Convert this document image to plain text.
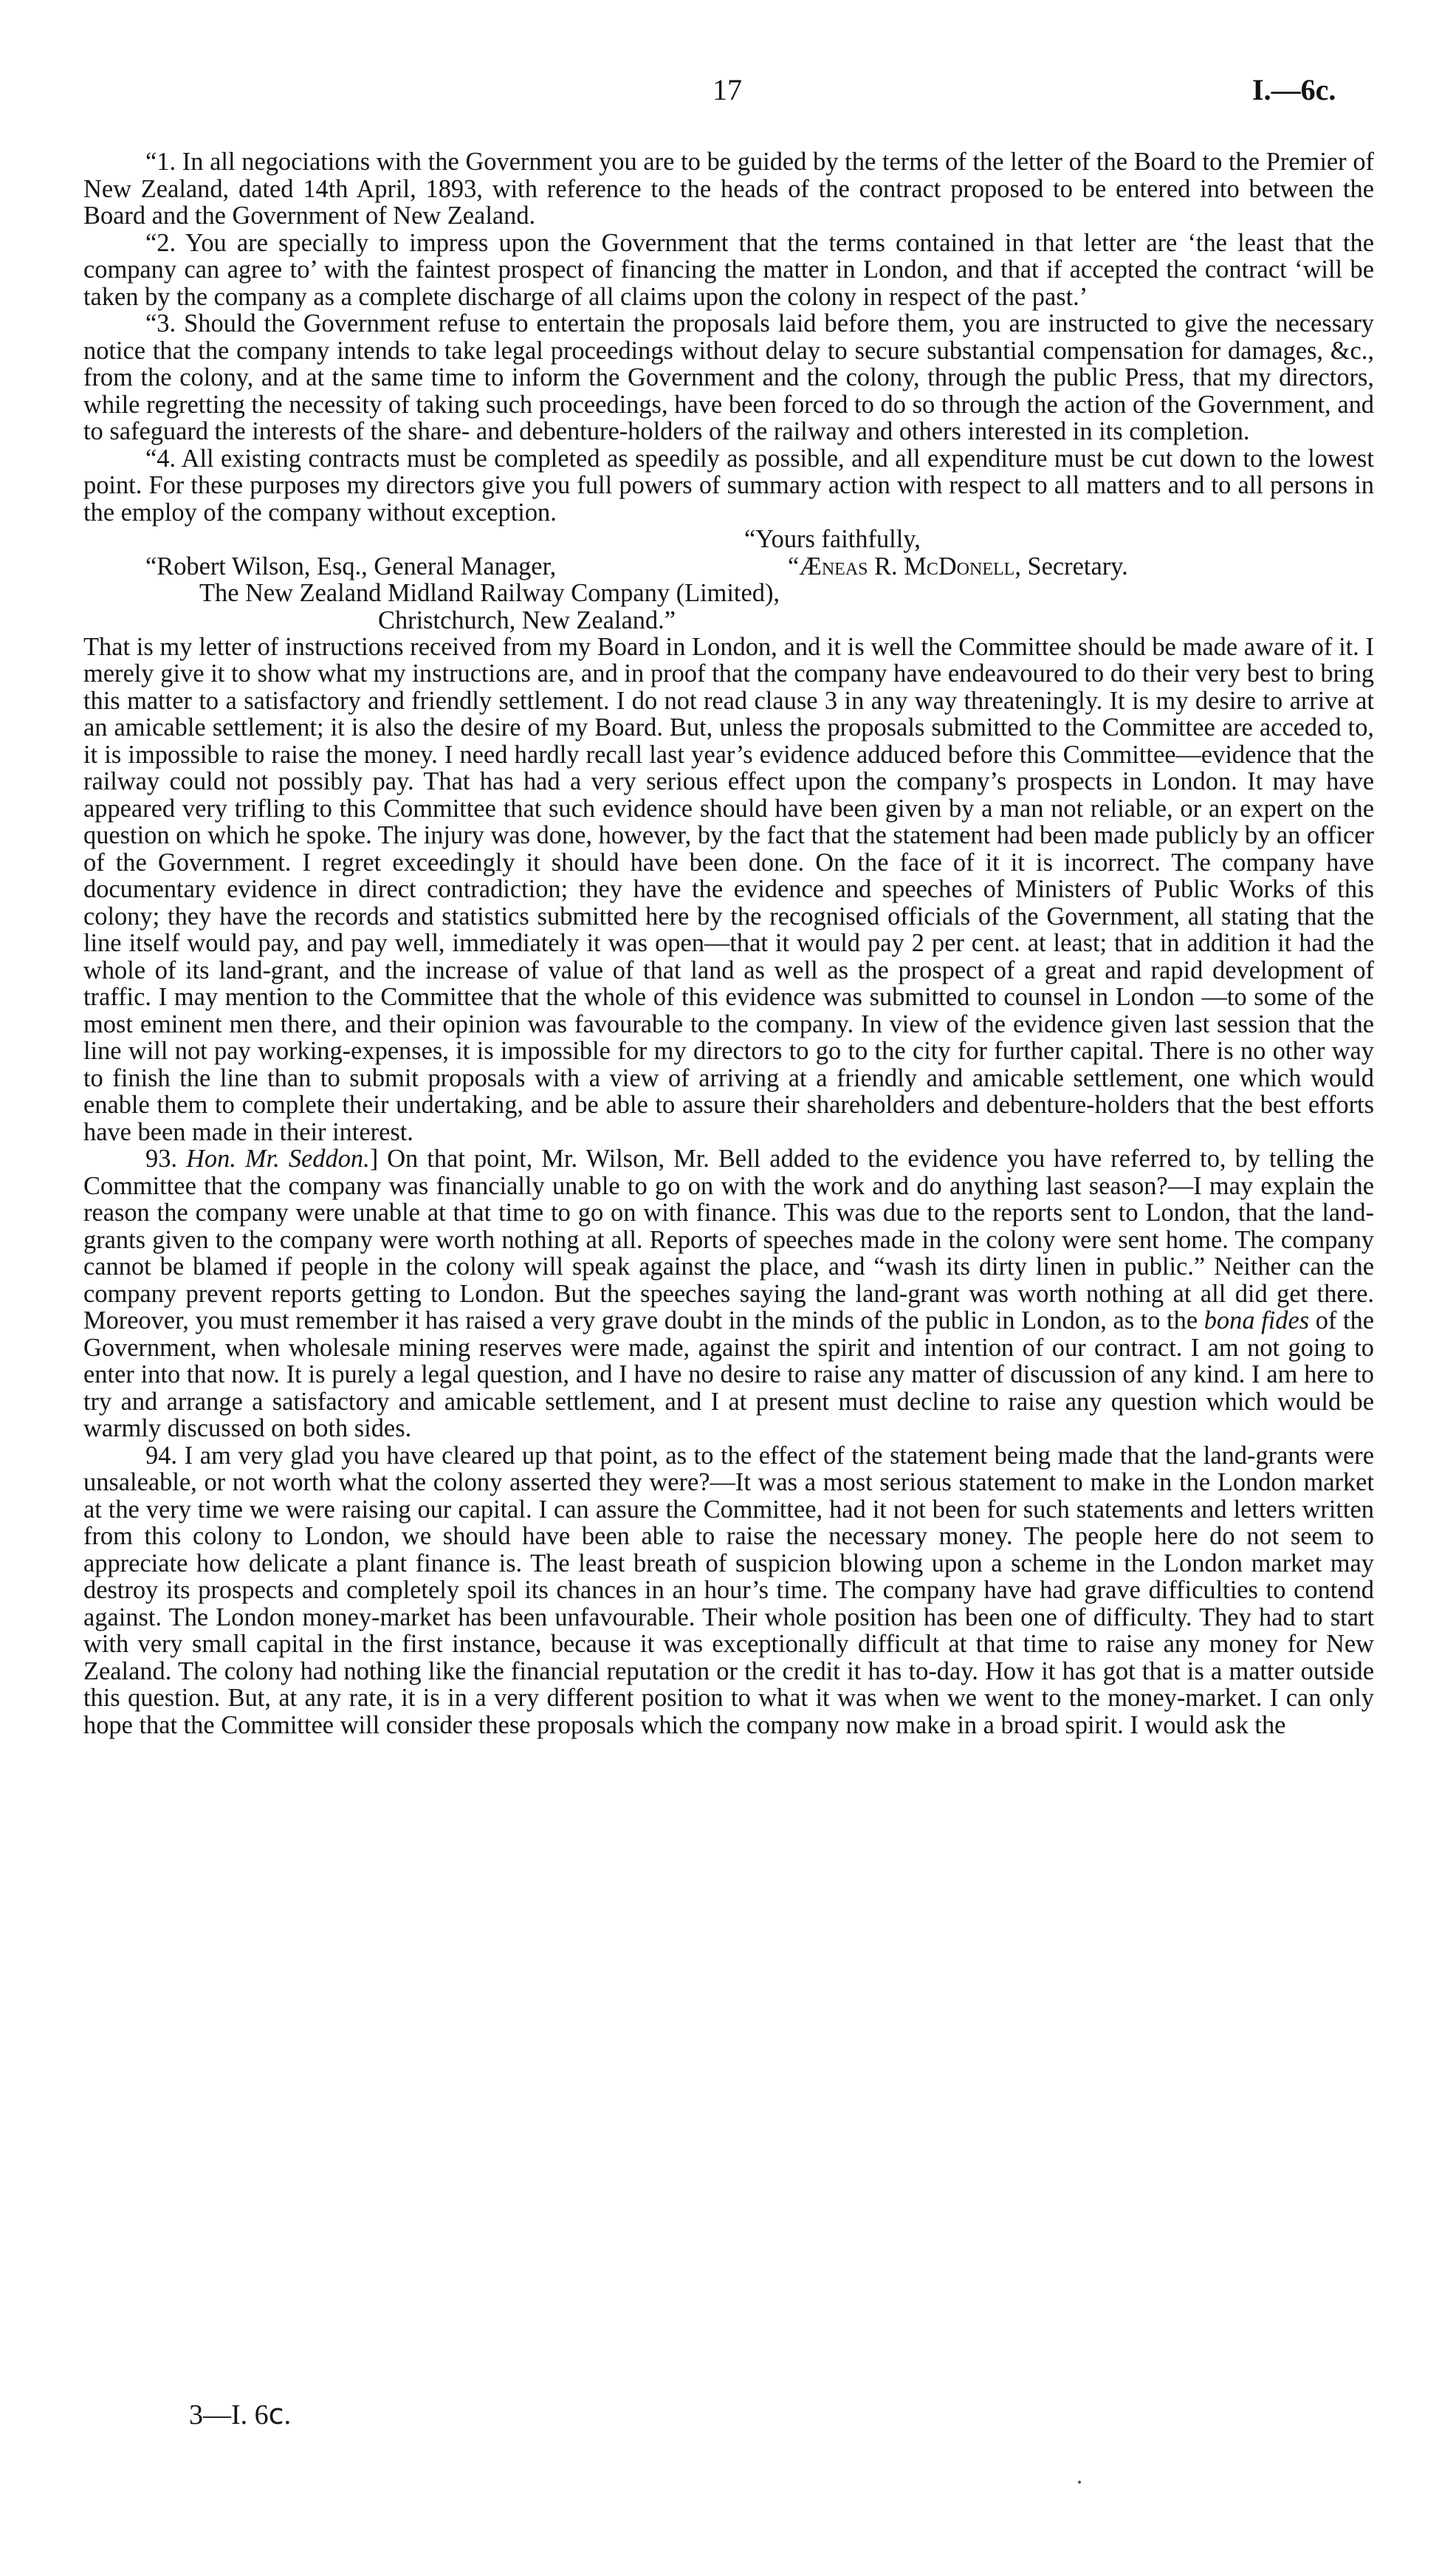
17	I.—6c.

“1. In all negociations with the Government you are to be guided by the terms of the letter of the Board to the Premier of New Zealand, dated 14th April, 1893, with reference to the heads of the contract proposed to be entered into between the Board and the Government of New Zealand.

“2. You are specially to impress upon the Government that the terms contained in that letter are ‘the least that the company can agree to’ with the faintest prospect of financing the matter in London, and that if accepted the contract ‘will be taken by the company as a complete discharge of all claims upon the colony in respect of the past.’

“3. Should the Government refuse to entertain the proposals laid before them, you are instructed to give the necessary notice that the company intends to take legal proceedings without delay to secure substantial compensation for damages, &c., from the colony, and at the same time to inform the Government and the colony, through the public Press, that my directors, while regretting the necessity of taking such proceedings, have been forced to do so through the action of the Government, and to safeguard the interests of the share- and debenture-holders of the railway and others interested in its completion.

“4. All existing contracts must be completed as speedily as possible, and all expenditure must be cut down to the lowest point. For these purposes my directors give you full powers of summary action with respect to all matters and to all persons in the employ of the company without exception.

“Yours faithfully,

“Robert Wilson, Esq., General Manager,	“Æneas R. McDonell, Secretary.
The New Zealand Midland Railway Company (Limited),
Christchurch, New Zealand.”

That is my letter of instructions received from my Board in London, and it is well the Committee should be made aware of it. I merely give it to show what my instructions are, and in proof that the company have endeavoured to do their very best to bring this matter to a satisfactory and friendly settlement. I do not read clause 3 in any way threateningly. It is my desire to arrive at an amicable settlement; it is also the desire of my Board. But, unless the proposals submitted to the Committee are acceded to, it is impossible to raise the money. I need hardly recall last year’s evidence adduced before this Committee—evidence that the railway could not possibly pay. That has had a very serious effect upon the company’s prospects in London. It may have appeared very trifling to this Committee that such evidence should have been given by a man not reliable, or an expert on the question on which he spoke. The injury was done, however, by the fact that the statement had been made publicly by an officer of the Government. I regret exceedingly it should have been done. On the face of it it is incorrect. The company have documentary evidence in direct contradiction; they have the evidence and speeches of Ministers of Public Works of this colony; they have the records and statistics submitted here by the recognised officials of the Government, all stating that the line itself would pay, and pay well, immediately it was open—that it would pay 2 per cent. at least; that in addition it had the whole of its land-grant, and the increase of value of that land as well as the prospect of a great and rapid development of traffic. I may mention to the Committee that the whole of this evidence was submitted to counsel in London —to some of the most eminent men there, and their opinion was favourable to the company. In view of the evidence given last session that the line will not pay working-expenses, it is impossible for my directors to go to the city for further capital. There is no other way to finish the line than to submit proposals with a view of arriving at a friendly and amicable settlement, one which would enable them to complete their undertaking, and be able to assure their shareholders and debenture-holders that the best efforts have been made in their interest.

93. Hon. Mr. Seddon.] On that point, Mr. Wilson, Mr. Bell added to the evidence you have referred to, by telling the Committee that the company was financially unable to go on with the work and do anything last season?—I may explain the reason the company were unable at that time to go on with finance. This was due to the reports sent to London, that the land-grants given to the company were worth nothing at all. Reports of speeches made in the colony were sent home. The company cannot be blamed if people in the colony will speak against the place, and “wash its dirty linen in public.” Neither can the company prevent reports getting to London. But the speeches saying the land-grant was worth nothing at all did get there. Moreover, you must remember it has raised a very grave doubt in the minds of the public in London, as to the bona fides of the Government, when wholesale mining reserves were made, against the spirit and intention of our contract. I am not going to enter into that now. It is purely a legal question, and I have no desire to raise any matter of discussion of any kind. I am here to try and arrange a satisfactory and amicable settlement, and I at present must decline to raise any question which would be warmly discussed on both sides.

94. I am very glad you have cleared up that point, as to the effect of the statement being made that the land-grants were unsaleable, or not worth what the colony asserted they were?—It was a most serious statement to make in the London market at the very time we were raising our capital. I can assure the Committee, had it not been for such statements and letters written from this colony to London, we should have been able to raise the necessary money. The people here do not seem to appreciate how delicate a plant finance is. The least breath of suspicion blowing upon a scheme in the London market may destroy its prospects and completely spoil its chances in an hour’s time. The company have had grave difficulties to contend against. The London money-market has been unfavourable. Their whole position has been one of difficulty. They had to start with very small capital in the first instance, because it was exceptionally difficult at that time to raise any money for New Zealand. The colony had nothing like the financial reputation or the credit it has to-day. How it has got that is a matter outside this question. But, at any rate, it is in a very different position to what it was when we went to the money-market. I can only hope that the Committee will consider these proposals which the company now make in a broad spirit. I would ask the

3—I. 6c.
